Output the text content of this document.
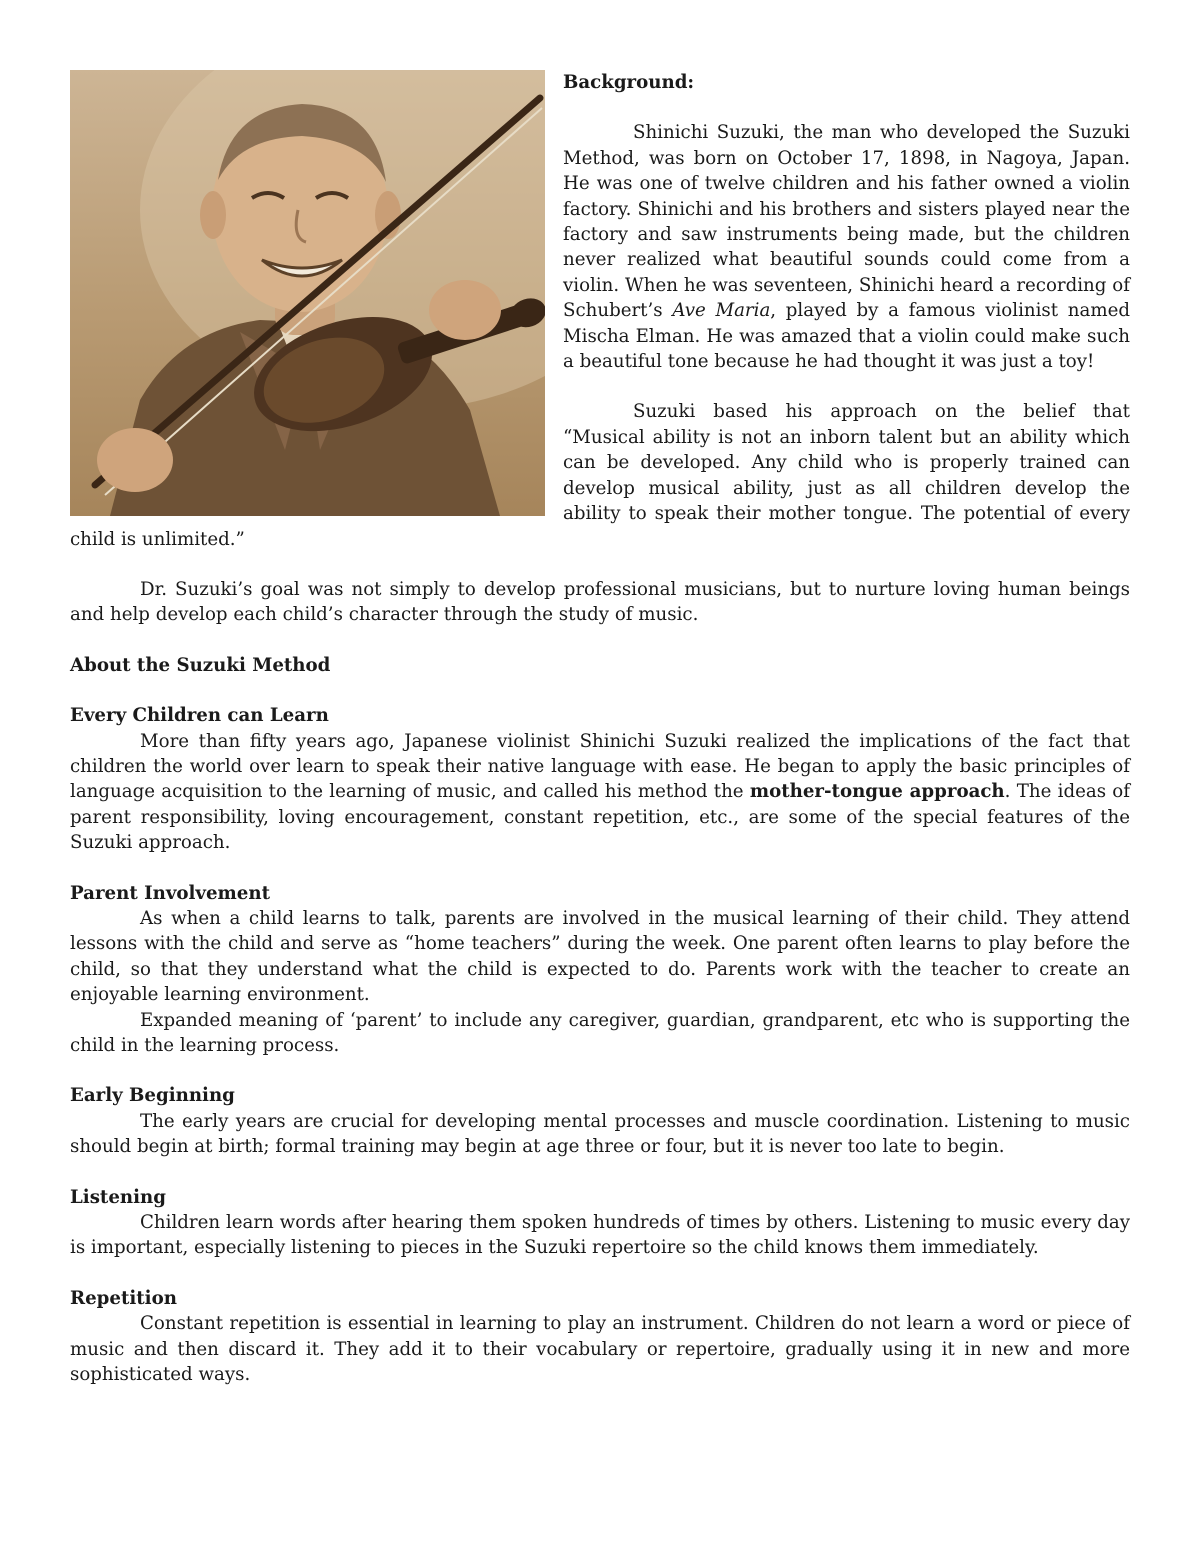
Background:

Shinichi Suzuki, the man who developed the Suzuki Method, was born on October 17, 1898, in Nagoya, Japan. He was one of twelve children and his father owned a violin factory. Shinichi and his brothers and sisters played near the factory and saw instruments being made, but the children never realized what beautiful sounds could come from a violin. When he was seventeen, Shinichi heard a recording of Schubert’s Ave Maria, played by a famous violinist named Mischa Elman. He was amazed that a violin could make such a beautiful tone because he had thought it was just a toy!

Suzuki based his approach on the belief that “Musical ability is not an inborn talent but an ability which can be developed. Any child who is properly trained can develop musical ability, just as all children develop the ability to speak their mother tongue. The potential of every child is unlimited.”

Dr. Suzuki’s goal was not simply to develop professional musicians, but to nurture loving human beings and help develop each child’s character through the study of music.

About the Suzuki Method

Every Children can Learn

More than fifty years ago, Japanese violinist Shinichi Suzuki realized the implications of the fact that children the world over learn to speak their native language with ease. He began to apply the basic principles of language acquisition to the learning of music, and called his method the mother-tongue approach. The ideas of parent responsibility, loving encouragement, constant repetition, etc., are some of the special features of the Suzuki approach.

Parent Involvement

As when a child learns to talk, parents are involved in the musical learning of their child. They attend lessons with the child and serve as “home teachers” during the week. One parent often learns to play before the child, so that they understand what the child is expected to do. Parents work with the teacher to create an enjoyable learning environment.

Expanded meaning of ‘parent’ to include any caregiver, guardian, grandparent, etc who is supporting the child in the learning process.

Early Beginning

The early years are crucial for developing mental processes and muscle coordination. Listening to music should begin at birth; formal training may begin at age three or four, but it is never too late to begin.

Listening

Children learn words after hearing them spoken hundreds of times by others. Listening to music every day is important, especially listening to pieces in the Suzuki repertoire so the child knows them immediately.

Repetition

Constant repetition is essential in learning to play an instrument. Children do not learn a word or piece of music and then discard it. They add it to their vocabulary or repertoire, gradually using it in new and more sophisticated ways.
